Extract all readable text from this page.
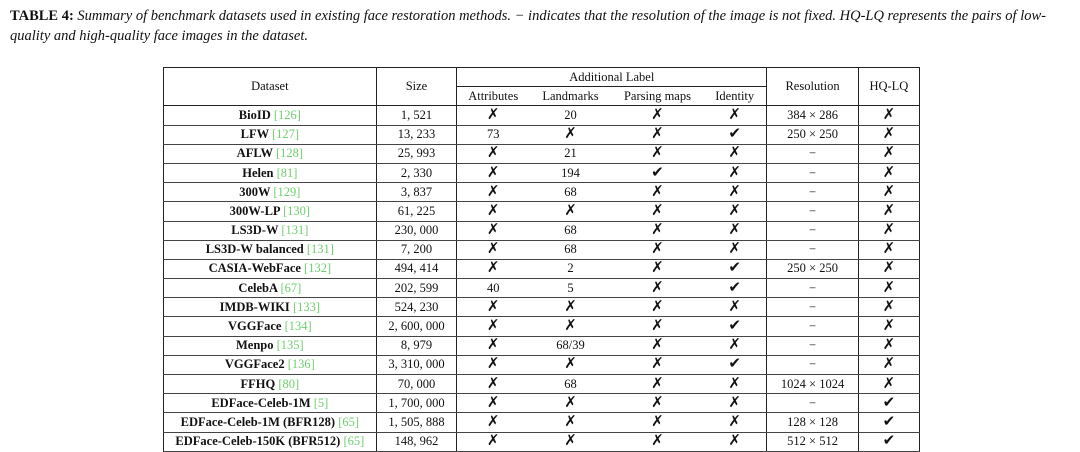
TABLE 4: Summary of benchmark datasets used in existing face restoration methods. − indicates that the resolution of the image is not fixed. HQ-LQ represents the pairs of low-quality and high-quality face images in the dataset.
Dataset	Size	Additional Label				Resolution	HQ-LQ
		Attributes	Landmarks	Parsing maps	Identity		
BioID [126]	1, 521	✗	20	✗	✗	384 × 286	✗
LFW [127]	13, 233	73	✗	✗	✔	250 × 250	✗
AFLW [128]	25, 993	✗	21	✗	✗	−	✗
Helen [81]	2, 330	✗	194	✔	✗	−	✗
300W [129]	3, 837	✗	68	✗	✗	−	✗
300W-LP [130]	61, 225	✗	✗	✗	✗	−	✗
LS3D-W [131]	230, 000	✗	68	✗	✗	−	✗
LS3D-W balanced [131]	7, 200	✗	68	✗	✗	−	✗
CASIA-WebFace [132]	494, 414	✗	2	✗	✔	250 × 250	✗
CelebA [67]	202, 599	40	5	✗	✔	−	✗
IMDB-WIKI [133]	524, 230	✗	✗	✗	✗	−	✗
VGGFace [134]	2, 600, 000	✗	✗	✗	✔	−	✗
Menpo [135]	8, 979	✗	68/39	✗	✗	−	✗
VGGFace2 [136]	3, 310, 000	✗	✗	✗	✔	−	✗
FFHQ [80]	70, 000	✗	68	✗	✗	1024 × 1024	✗
EDFace-Celeb-1M [5]	1, 700, 000	✗	✗	✗	✗	−	✔
EDFace-Celeb-1M (BFR128) [65]	1, 505, 888	✗	✗	✗	✗	128 × 128	✔
EDFace-Celeb-150K (BFR512) [65]	148, 962	✗	✗	✗	✗	512 × 512	✔
